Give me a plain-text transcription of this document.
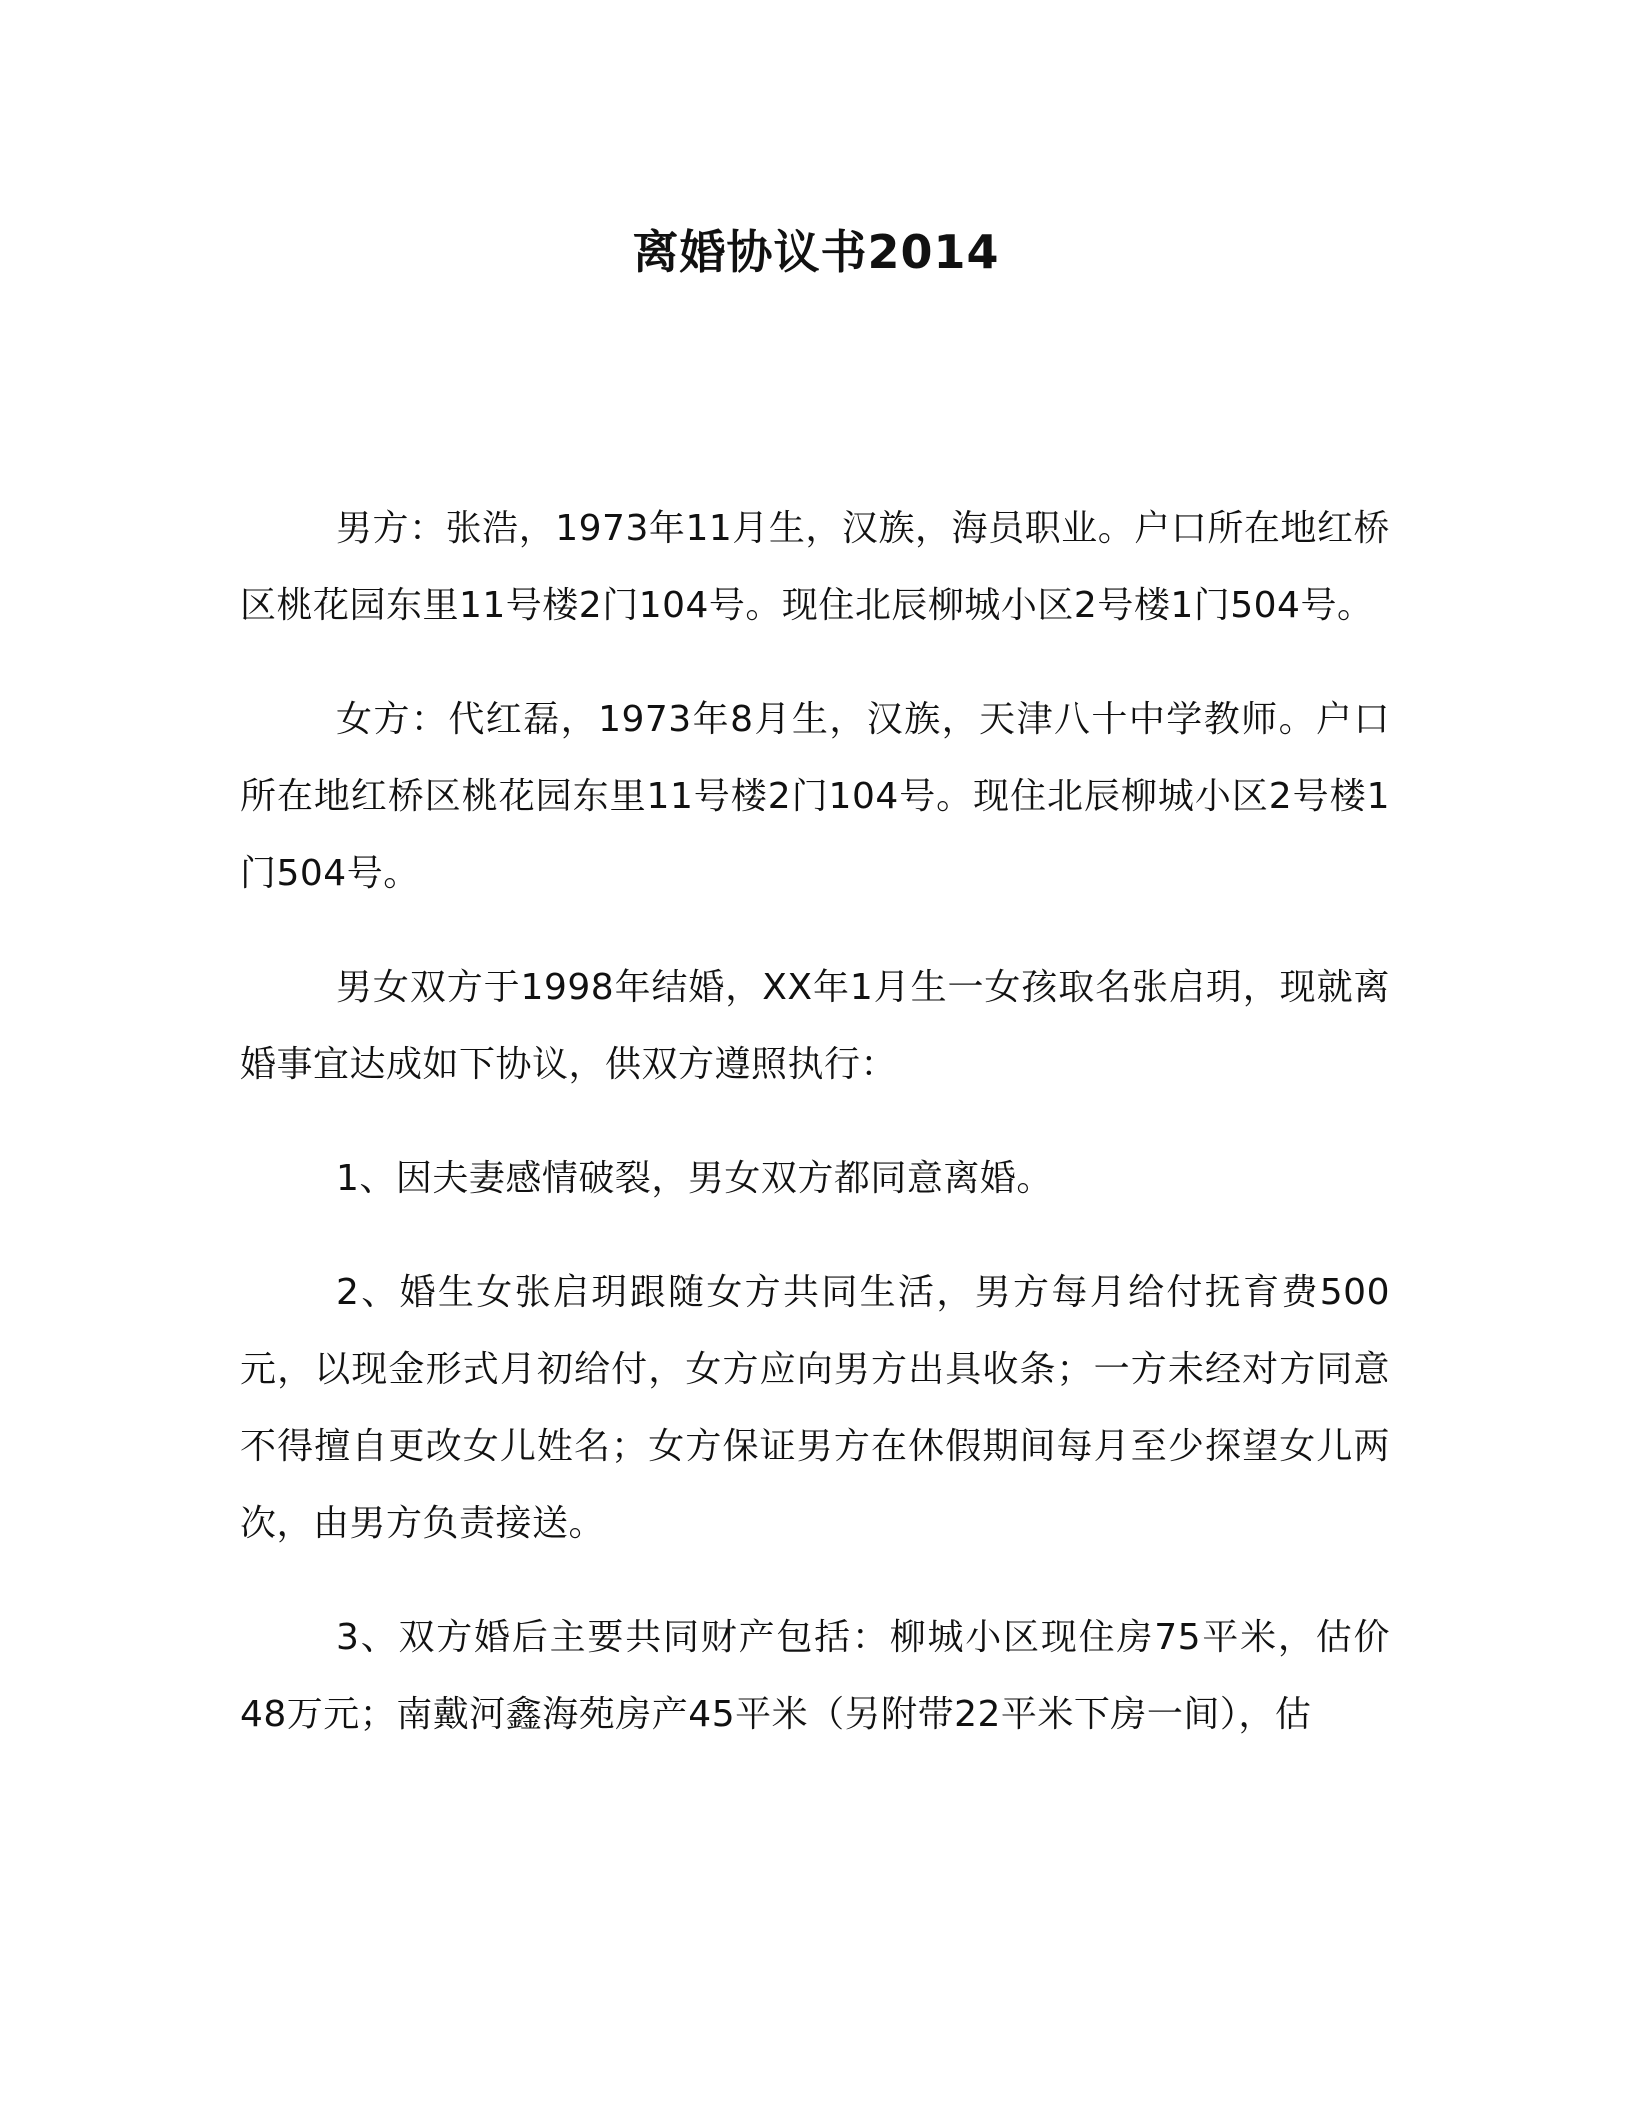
离婚协议书2014

男方：张浩，1973年11月生，汉族，海员职业。户口所在地红桥区桃花园东里11号楼2门104号。现住北辰柳城小区2号楼1门504号。

女方：代红磊，1973年8月生，汉族，天津八十中学教师。户口所在地红桥区桃花园东里11号楼2门104号。现住北辰柳城小区2号楼1门504号。

男女双方于1998年结婚，XX年1月生一女孩取名张启玥，现就离婚事宜达成如下协议，供双方遵照执行：

1、因夫妻感情破裂，男女双方都同意离婚。

2、婚生女张启玥跟随女方共同生活，男方每月给付抚育费500元，以现金形式月初给付，女方应向男方出具收条；一方未经对方同意不得擅自更改女儿姓名；女方保证男方在休假期间每月至少探望女儿两次，由男方负责接送。

3、双方婚后主要共同财产包括：柳城小区现住房75平米，估价48万元；南戴河鑫海苑房产45平米（另附带22平米下房一间），估
